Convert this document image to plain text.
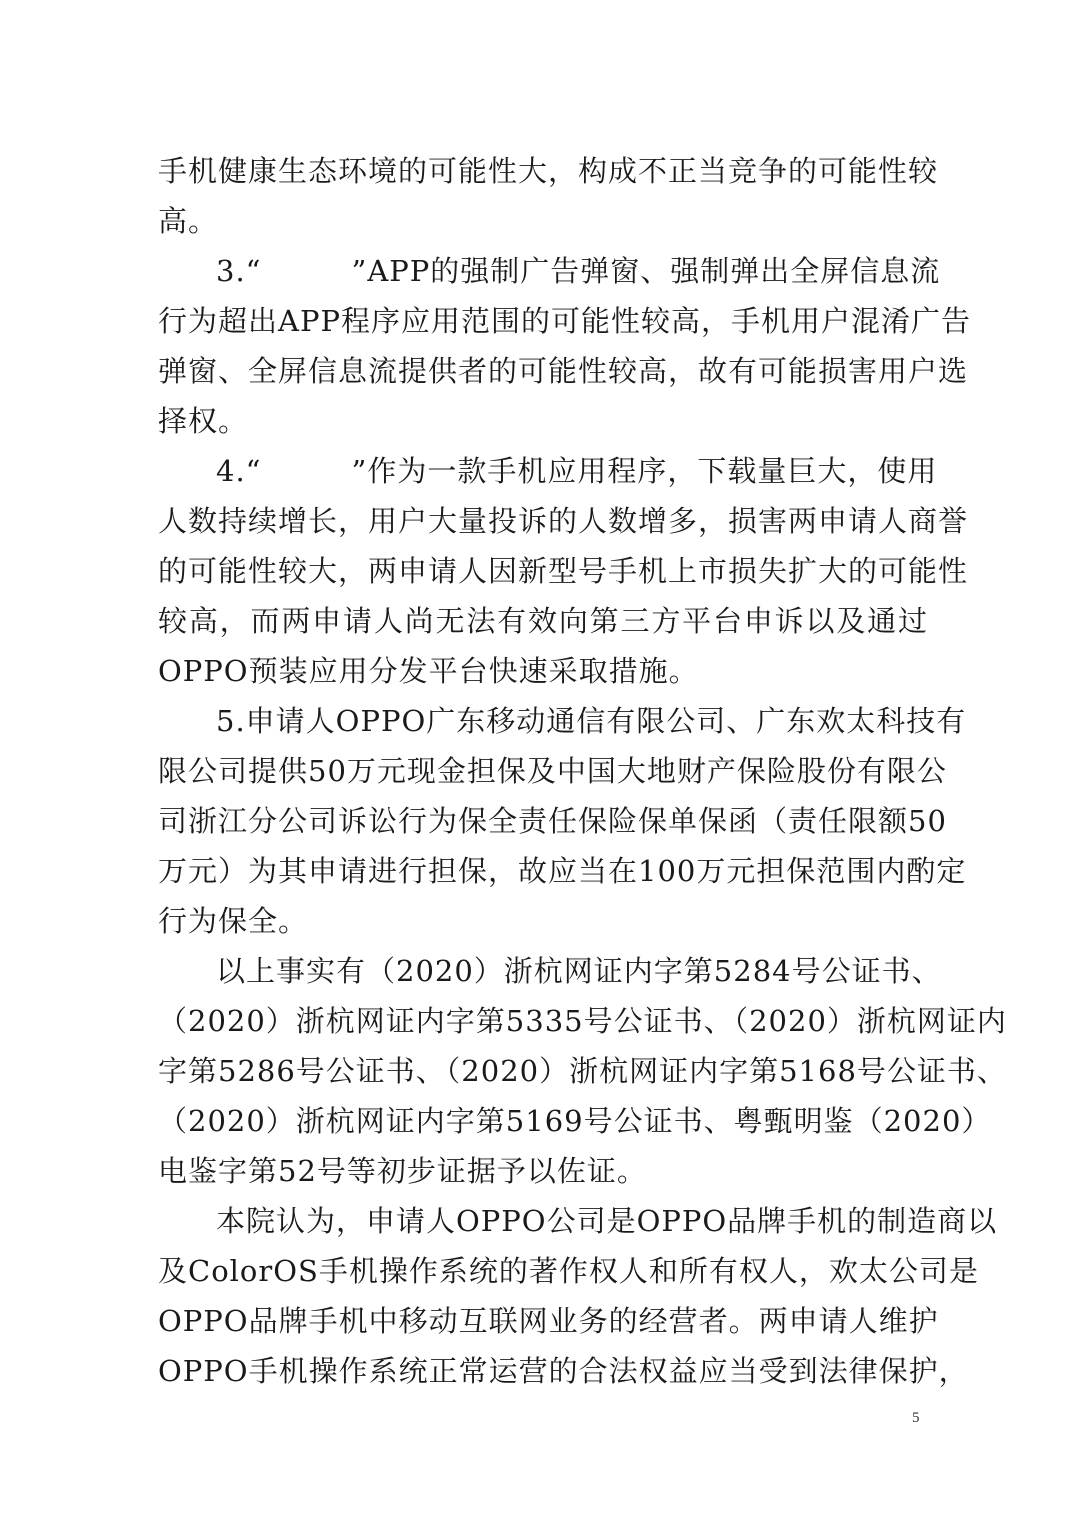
手机健康生态环境的可能性大，构成不正当竞争的可能性较
高。
3.“　　　”APP的强制广告弹窗、强制弹出全屏信息流
行为超出APP程序应用范围的可能性较高，手机用户混淆广告
弹窗、全屏信息流提供者的可能性较高，故有可能损害用户选
择权。
4.“　　　”作为一款手机应用程序，下载量巨大，使用
人数持续增长，用户大量投诉的人数增多，损害两申请人商誉
的可能性较大，两申请人因新型号手机上市损失扩大的可能性
较高，而两申请人尚无法有效向第三方平台申诉以及通过
OPPO预装应用分发平台快速采取措施。
5.申请人OPPO广东移动通信有限公司、广东欢太科技有
限公司提供50万元现金担保及中国大地财产保险股份有限公
司浙江分公司诉讼行为保全责任保险保单保函（责任限额50
万元）为其申请进行担保，故应当在100万元担保范围内酌定
行为保全。
以上事实有（2020）浙杭网证内字第5284号公证书、
（2020）浙杭网证内字第5335号公证书、（2020）浙杭网证内
字第5286号公证书、（2020）浙杭网证内字第5168号公证书、
（2020）浙杭网证内字第5169号公证书、粤甄明鉴（2020）
电鉴字第52号等初步证据予以佐证。
本院认为，申请人OPPO公司是OPPO品牌手机的制造商以
及ColorOS手机操作系统的著作权人和所有权人，欢太公司是
OPPO品牌手机中移动互联网业务的经营者。两申请人维护
OPPO手机操作系统正常运营的合法权益应当受到法律保护，
5
